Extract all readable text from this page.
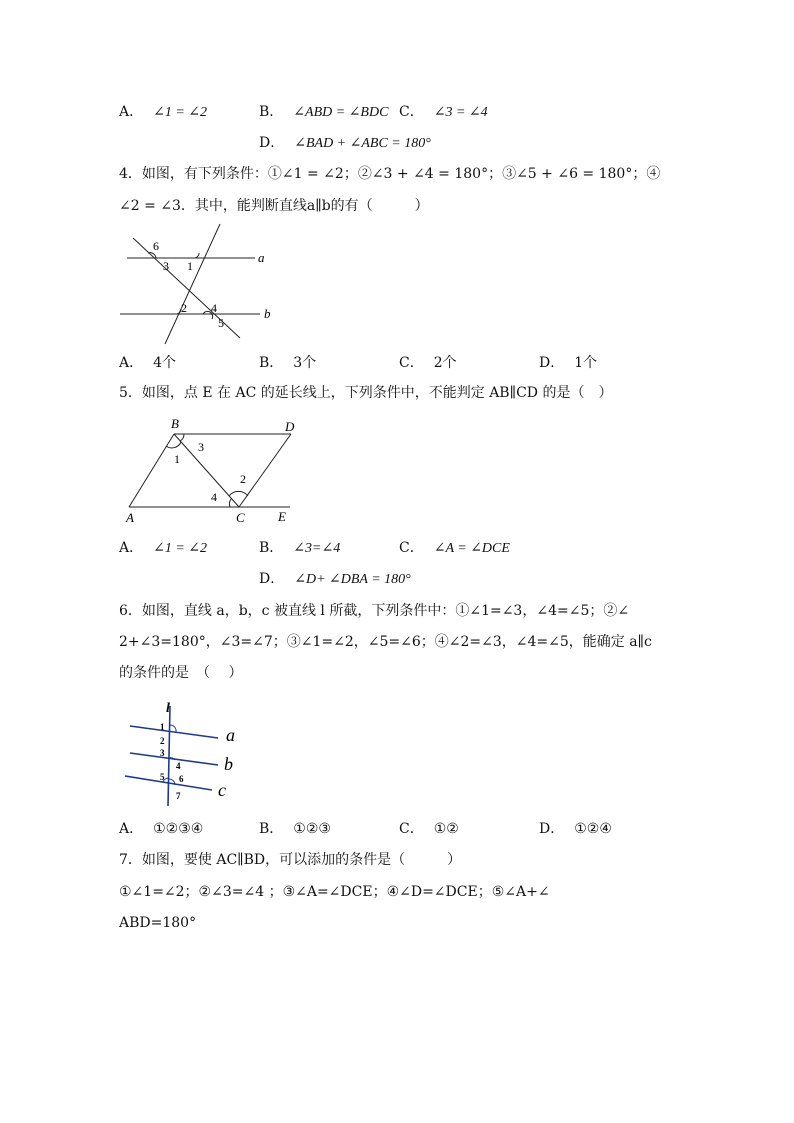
A． ∠1 = ∠2	B． ∠ABD = ∠BDC C． ∠3 = ∠4
D． ∠BAD + ∠ABC = 180°
4．如图，有下列条件：①∠1 = ∠2；②∠3 + ∠4 = 180°；③∠5 + ∠6 = 180°；④
∠2 = ∠3．其中，能判断直线a∥b的有（　　　）
6
3 1
2 4
5
a
b
A． 4个	B． 3个	C． 2个	D． 1个
5．如图，点 E 在 AC 的延长线上，下列条件中，不能判定 AB∥CD 的是（　）
B	D
A	C	E
1
2
3
4
A． ∠1 = ∠2	B． ∠3=∠4	C． ∠A = ∠DCE
D． ∠D+ ∠DBA = 180°
6．如图，直线 a，b，c 被直线 l 所截，下列条件中：①∠1=∠3，∠4=∠5；②∠
2+∠3=180°，∠3=∠7；③∠1=∠2，∠5=∠6；④∠2=∠3，∠4=∠5，能确定 a∥c
的条件的是　（　 ）
l
a
b
c
1
2
3
4
5 6
7
A． ①②③④	B． ①②③	C． ①②	D． ①②④
7．如图，要使 AC∥BD，可以添加的条件是（　　　）
①∠1=∠2；②∠3=∠4 ；③∠A=∠DCE；④∠D=∠DCE；⑤∠A+∠
ABD=180°
